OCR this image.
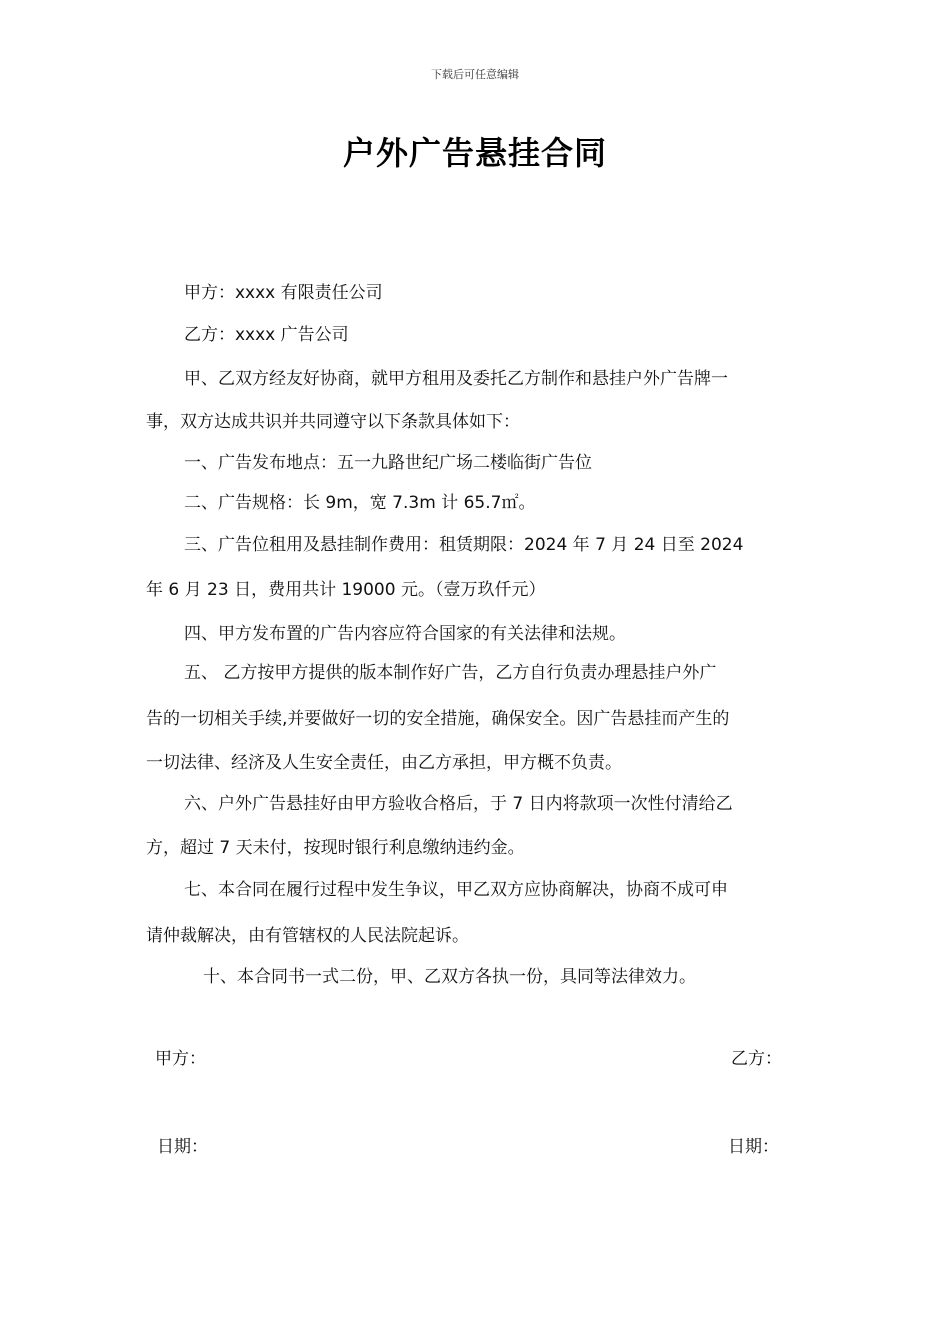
下载后可任意编辑
户外广告悬挂合同
甲方：xxxx 有限责任公司
乙方：xxxx 广告公司
甲、乙双方经友好协商，就甲方租用及委托乙方制作和悬挂户外广告牌一
事，双方达成共识并共同遵守以下条款具体如下：
一、广告发布地点：五一九路世纪广场二楼临街广告位
二、广告规格：长 9m，宽 7.3m 计 65.7㎡。
三、广告位租用及悬挂制作费用：租赁期限：2024 年 7 月 24 日至 2024
年 6 月 23 日，费用共计 19000 元。（壹万玖仟元）
四、甲方发布置的广告内容应符合国家的有关法律和法规。
五、 乙方按甲方提供的版本制作好广告，乙方自行负责办理悬挂户外广
告的一切相关手续,并要做好一切的安全措施，确保安全。因广告悬挂而产生的
一切法律、经济及人生安全责任，由乙方承担，甲方概不负责。
六、户外广告悬挂好由甲方验收合格后，于 7 日内将款项一次性付清给乙
方，超过 7 天未付，按现时银行利息缴纳违约金。
七、本合同在履行过程中发生争议，甲乙双方应协商解决，协商不成可申
请仲裁解决，由有管辖权的人民法院起诉。
十、本合同书一式二份，甲、乙双方各执一份，具同等法律效力。
甲方：	乙方：
日期：	日期：
